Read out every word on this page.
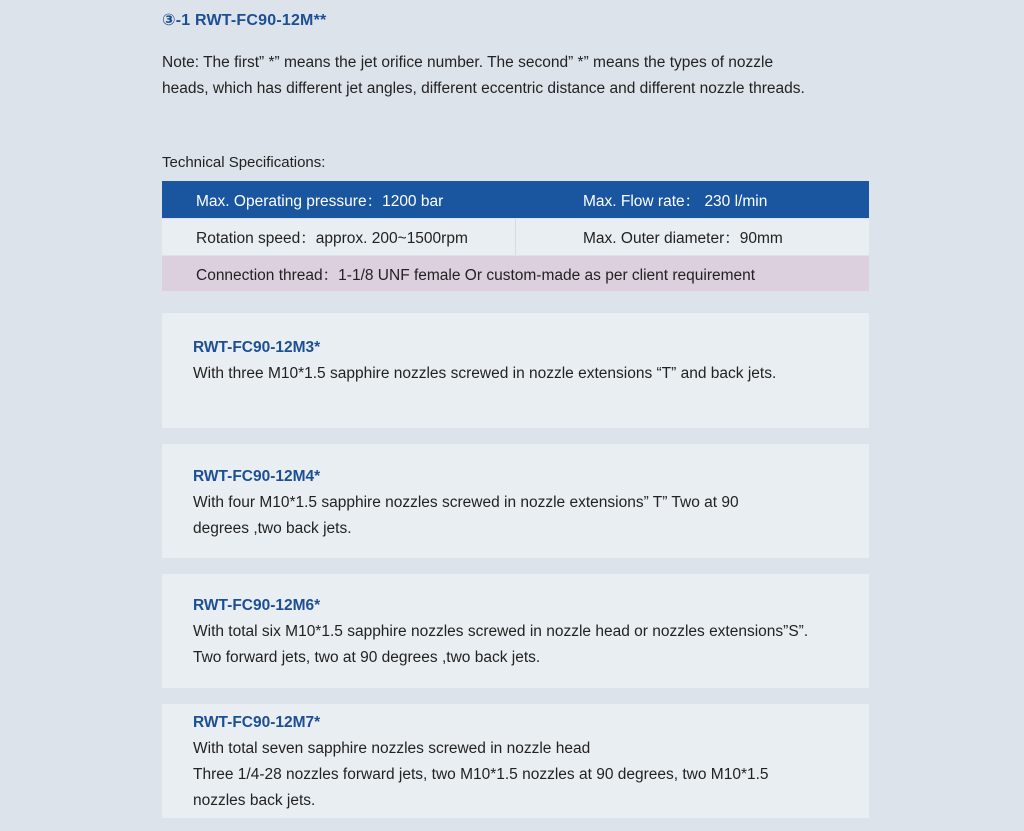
③-1 RWT-FC90-12M**
Note: The first” *” means the jet orifice number. The second” *” means the types of nozzle
heads, which has different jet angles, different eccentric distance and different nozzle threads.
Technical Specifications:
Max. Operating pressure：1200 bar	Max. Flow rate： 230 l/min
Rotation speed：approx. 200~1500rpm	Max. Outer diameter：90mm
Connection thread：1-1/8 UNF female Or custom-made as per client requirement
RWT-FC90-12M3*
With three M10*1.5 sapphire nozzles screwed in nozzle extensions “T” and back jets.
RWT-FC90-12M4*
With four M10*1.5 sapphire nozzles screwed in nozzle extensions” T” Two at 90
degrees ,two back jets.
RWT-FC90-12M6*
With total six M10*1.5 sapphire nozzles screwed in nozzle head or nozzles extensions”S”.
Two forward jets, two at 90 degrees ,two back jets.
RWT-FC90-12M7*
With total seven sapphire nozzles screwed in nozzle head
Three 1/4-28 nozzles forward jets, two M10*1.5 nozzles at 90 degrees, two M10*1.5
nozzles back jets.
